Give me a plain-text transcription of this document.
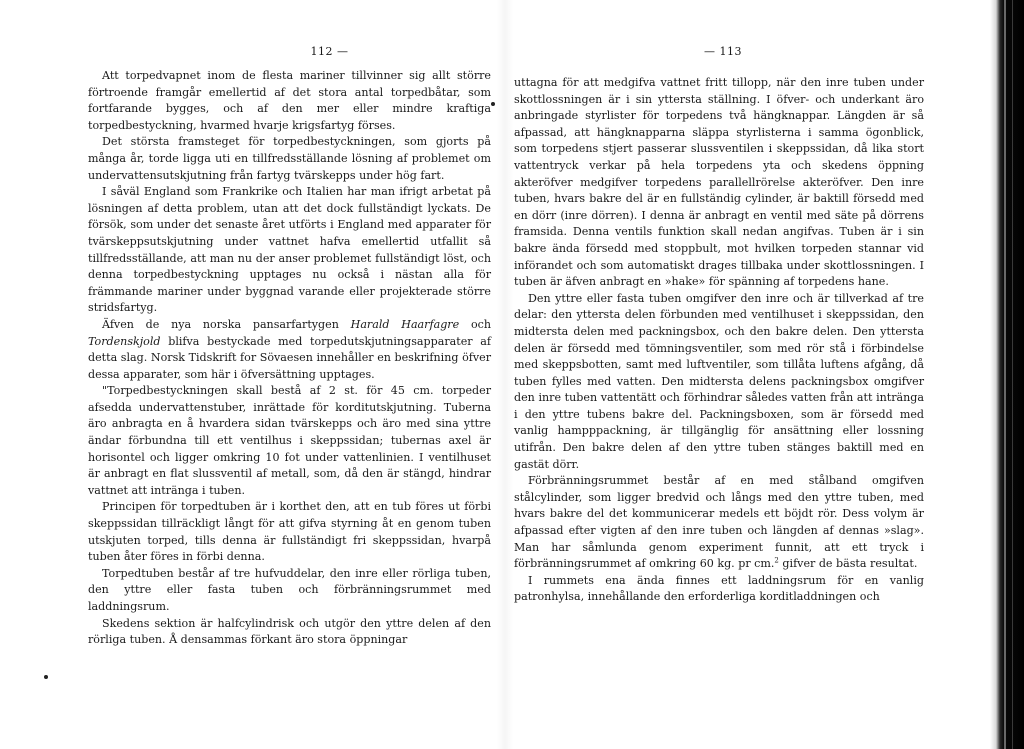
112 —

Att torpedvapnet inom de flesta mariner tillvinner sig allt större förtroende framgår emellertid af det stora antal torpedbåtar, som fortfarande bygges, och af den mer eller mindre kraftiga torpedbestyckning, hvarmed hvarje krigsfartyg förses.

Det största framsteget för torpedbestyckningen, som gjorts på många år, torde ligga uti en tillfredsställande lösning af problemet om undervattensutskjutning från fartyg tvärskepps under hög fart.

I såväl England som Frankrike och Italien har man ifrigt arbetat på lösningen af detta problem, utan att det dock fullständigt lyckats. De försök, som under det senaste året utförts i England med apparater för tvärskeppsutskjutning under vattnet hafva emellertid utfallit så tillfredsställande, att man nu der anser problemet fullständigt löst, och denna torpedbestyckning upptages nu också i nästan alla för främmande mariner under byggnad varande eller projekterade större stridsfartyg.

Äfven de nya norska pansarfartygen Harald Haarfagre och Tordenskjold blifva bestyckade med torpedutskjutningsapparater af detta slag. Norsk Tidskrift for Sövaesen innehåller en beskrifning öfver dessa apparater, som här i öfversättning upptages.

"Torpedbestyckningen skall bestå af 2 st. för 45 cm. torpeder afsedda undervattenstuber, inrättade för korditutskjutning. Tuberna äro anbragta en å hvardera sidan tvärskepps och äro med sina yttre ändar förbundna till ett ventilhus i skeppssidan; tubernas axel är horisontel och ligger omkring 10 fot under vattenlinien. I ventilhuset är anbragt en flat slussventil af metall, som, då den är stängd, hindrar vattnet att intränga i tuben.

Principen för torpedtuben är i korthet den, att en tub föres ut förbi skeppssidan tillräckligt långt för att gifva styrning åt en genom tuben utskjuten torped, tills denna är fullständigt fri skeppssidan, hvarpå tuben åter föres in förbi denna.

Torpedtuben består af tre hufvuddelar, den inre eller rörliga tuben, den yttre eller fasta tuben och förbränningsrummet med laddningsrum.

Skedens sektion är halfcylindrisk och utgör den yttre delen af den rörliga tuben. Å densammas förkant äro stora öppningar

— 113

uttagna för att medgifva vattnet fritt tillopp, när den inre tuben under skottlossningen är i sin yttersta ställning. I öfver- och underkant äro anbringade styrlister för torpedens två hängknappar. Längden är så afpassad, att hängknapparna släppa styrlisterna i samma ögonblick, som torpedens stjert passerar slussventilen i skeppssidan, då lika stort vattentryck verkar på hela torpedens yta och skedens öppning akteröfver medgifver torpedens parallellrörelse akteröfver. Den inre tuben, hvars bakre del är en fullständig cylinder, är baktill försedd med en dörr (inre dörren). I denna är anbragt en ventil med säte på dörrens framsida. Denna ventils funktion skall nedan angifvas. Tuben är i sin bakre ända försedd med stoppbult, mot hvilken torpeden stannar vid införandet och som automatiskt drages tillbaka under skottlossningen. I tuben är äfven anbragt en »hake» för spänning af torpedens hane.

Den yttre eller fasta tuben omgifver den inre och är tillverkad af tre delar: den yttersta delen förbunden med ventilhuset i skeppssidan, den midtersta delen med packningsbox, och den bakre delen. Den yttersta delen är försedd med tömningsventiler, som med rör stå i förbindelse med skeppsbotten, samt med luftventiler, som tillåta luftens afgång, då tuben fylles med vatten. Den midtersta delens packningsbox omgifver den inre tuben vattentätt och förhindrar således vatten från att intränga i den yttre tubens bakre del. Packningsboxen, som är försedd med vanlig hampppackning, är tillgänglig för ansättning eller lossning utifrån. Den bakre delen af den yttre tuben stänges baktill med en gastät dörr.

Förbränningsrummet består af en med stålband omgifven stålcylinder, som ligger bredvid och långs med den yttre tuben, med hvars bakre del det kommunicerar medels ett böjdt rör. Dess volym är afpassad efter vigten af den inre tuben och längden af dennas »slag». Man har såmlunda genom experiment funnit, att ett tryck i förbränningsrummet af omkring 60 kg. pr cm.$^2$ gifver de bästa resultat.

I rummets ena ända finnes ett laddningsrum för en vanlig patronhylsa, innehållande den erforderliga korditladdningen och
